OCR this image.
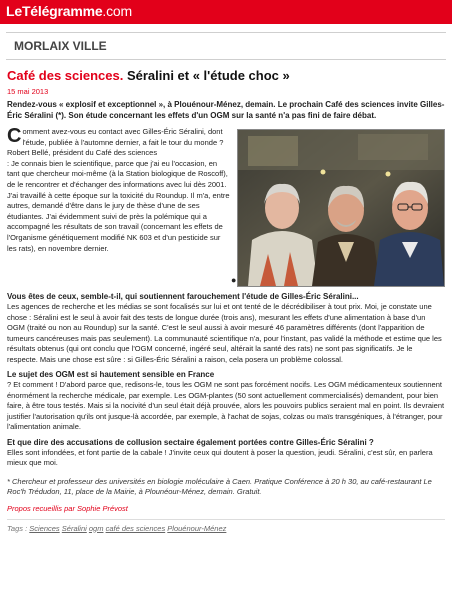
LeTélégramme.com
MORLAIX VILLE
Café des sciences. Séralini et « l'étude choc »
15 mai 2013
Rendez-vous « explosif et exceptionnel », à Plouénour-Ménez, demain. Le prochain Café des sciences invite Gilles-Éric Séralini (*). Son étude concernant les effets d'un OGM sur la santé n'a pas fini de faire débat.

Comment avez-vous eu contact avec Gilles-Éric Séralini, dont l'étude, publiée à l'automne dernier, a fait le tour du monde ?

Robert Bellé, président du Café des sciences

: Je connais bien le scientifique, parce que j'ai eu l'occasion, en tant que chercheur moi-même (à la Station biologique de Roscoff), de le rencontrer et d'échanger des informations avec lui dès 2001. J'ai travaillé à cette époque sur la toxicité du Roundup. Il m'a, entre autres, demandé d'être dans le jury de thèse d'une de ses étudiantes. J'ai évidemment suivi de près la polémique qui a accompagné les résultats de son travail (concernant les effets de l'Organisme génétiquement modifié NK 603 et d'un pesticide sur les rats), en novembre dernier.

●
Vous êtes de ceux, semble-t-il, qui soutiennent farouchement l'étude de Gilles-Éric Séralini...

Les agences de recherche et les médias se sont focalisés sur lui et ont tenté de le décrédibiliser à tout prix. Moi, je constate une chose : Séralini est le seul à avoir fait des tests de longue durée (trois ans), mesurant les effets d'une alimentation à base d'un OGM (traité ou non au Roundup) sur la santé. C'est le seul aussi à avoir mesuré 46 paramètres différents (dont l'apparition de tumeurs cancéreuses mais pas seulement). La communauté scientifique n'a, pour l'instant, pas validé la méthode et estime que les résultats obtenus (qui ont conclu que l'OGM concerné, ingéré seul, altérait la santé des rats) ne sont pas significatifs. Je le respecte. Mais une chose est sûre : si Gilles-Éric Séralini a raison, cela posera un problème colossal.

Le sujet des OGM est si hautement sensible en France

? Et comment ! D'abord parce que, redisons-le, tous les OGM ne sont pas forcément nocifs. Les OGM médicamenteux soutiennent énormément la recherche médicale, par exemple. Les OGM-plantes (50 sont actuellement commercialisés) demandent, pour bien faire, à être tous testés. Mais si la nocivité d'un seul était déjà prouvée, alors les pouvoirs publics seraient mal en point. Ils devraient justifier l'autorisation qu'ils ont jusque-là accordée, par exemple, à l'achat de sojas, colzas ou maïs transgéniques, à l'étranger, pour l'alimentation animale.

Et que dire des accusations de collusion sectaire également portées contre Gilles-Éric Séralini ?

Elles sont infondées, et font partie de la cabale ! J'invite ceux qui doutent à poser la question, jeudi. Séralini, c'est sûr, en parlera mieux que moi.

* Chercheur et professeur des universités en biologie moléculaire à Caen. Pratique Conférence à 20 h 30, au café-restaurant Le Roc'h Trédudon, 11, place de la Mairie, à Plounéour-Ménez, demain. Gratuit.
Propos recueillis par Sophie Prévost
Tags : Sciences Séralini ogm café des sciences Plouénour-Ménez
